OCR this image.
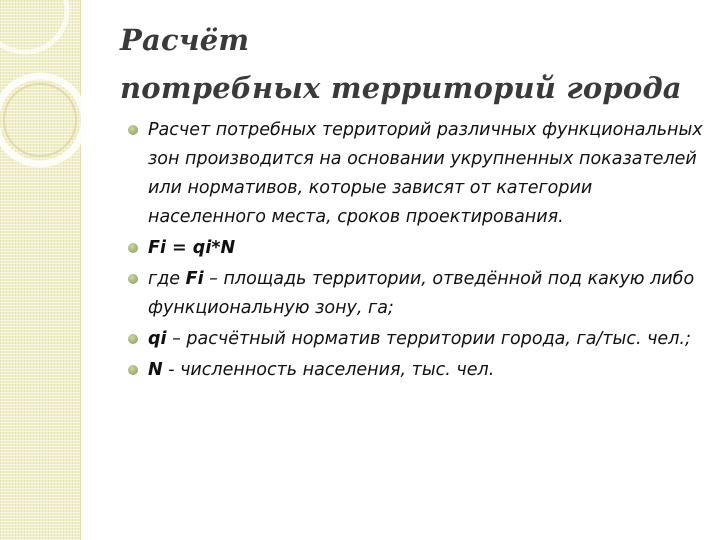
Расчёт
потребных территорий города
Расчет потребных территорий различных функциональных зон производится на основании укрупненных показателей или нормативов, которые зависят от категории населенного места, сроков проектирования.
Fi = qi*N
где Fi – площадь территории, отведённой под какую либо функциональную зону, га;
qi – расчётный норматив территории города, га/тыс. чел.;
N - численность населения, тыс. чел.
